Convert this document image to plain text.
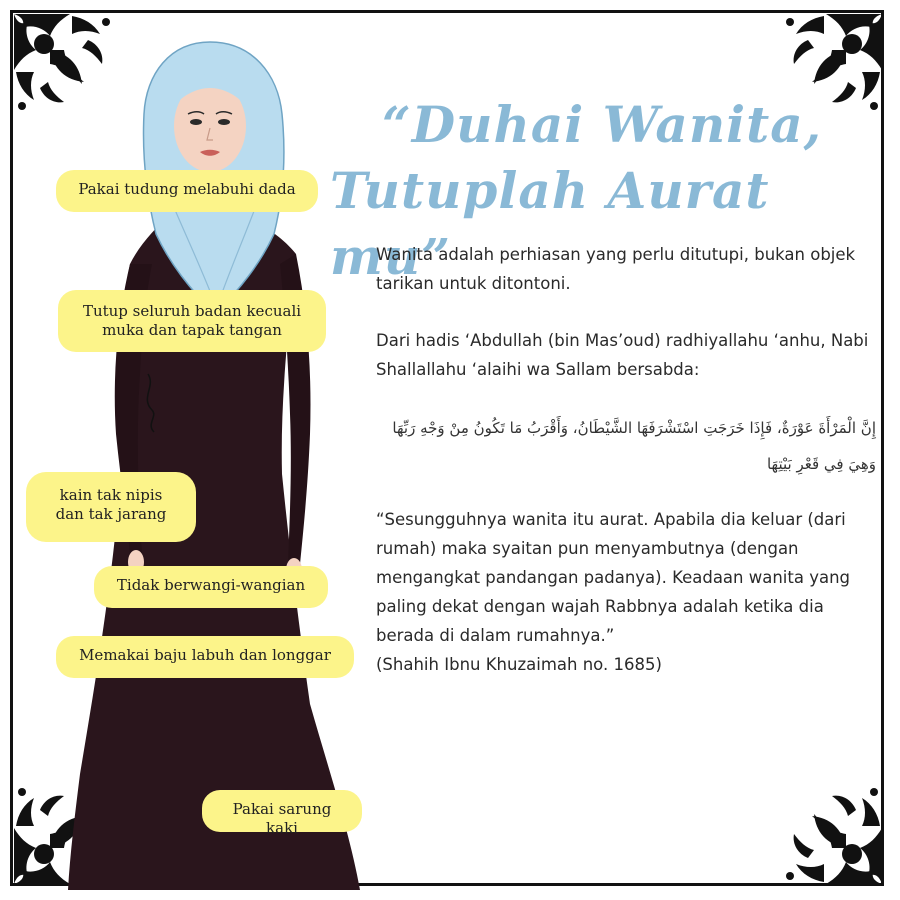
“Duhai Wanita,
Tutuplah Aurat mu”
Wanita adalah perhiasan yang perlu ditutupi, bukan objek tarikan untuk ditontoni.
Dari hadis ‘Abdullah (bin Mas’oud) radhiyallahu ‘anhu, Nabi Shallallahu ‘alaihi wa Sallam bersabda:
إِنَّ الْمَرْأَةَ عَوْرَةٌ، فَإِذَا خَرَجَتِ اسْتَشْرَفَهَا الشَّيْطَانُ، وَأَقْرَبُ مَا تَكُونُ مِنْ وَجْهِ رَبِّهَا وَهِيَ فِي قَعْرِ بَيْتِهَا
“Sesungguhnya wanita itu aurat. Apabila dia keluar (dari rumah) maka syaitan pun menyambutnya (dengan mengangkat pandangan padanya). Keadaan wanita yang paling dekat dengan wajah Rabbnya adalah ketika dia berada di dalam rumahnya.”
(Shahih Ibnu Khuzaimah no. 1685)
Pakai tudung melabuhi dada
Tutup seluruh badan kecuali
muka dan tapak tangan
kain tak nipis
dan tak jarang
Tidak berwangi-wangian
Memakai baju labuh dan longgar
Pakai sarung kaki
